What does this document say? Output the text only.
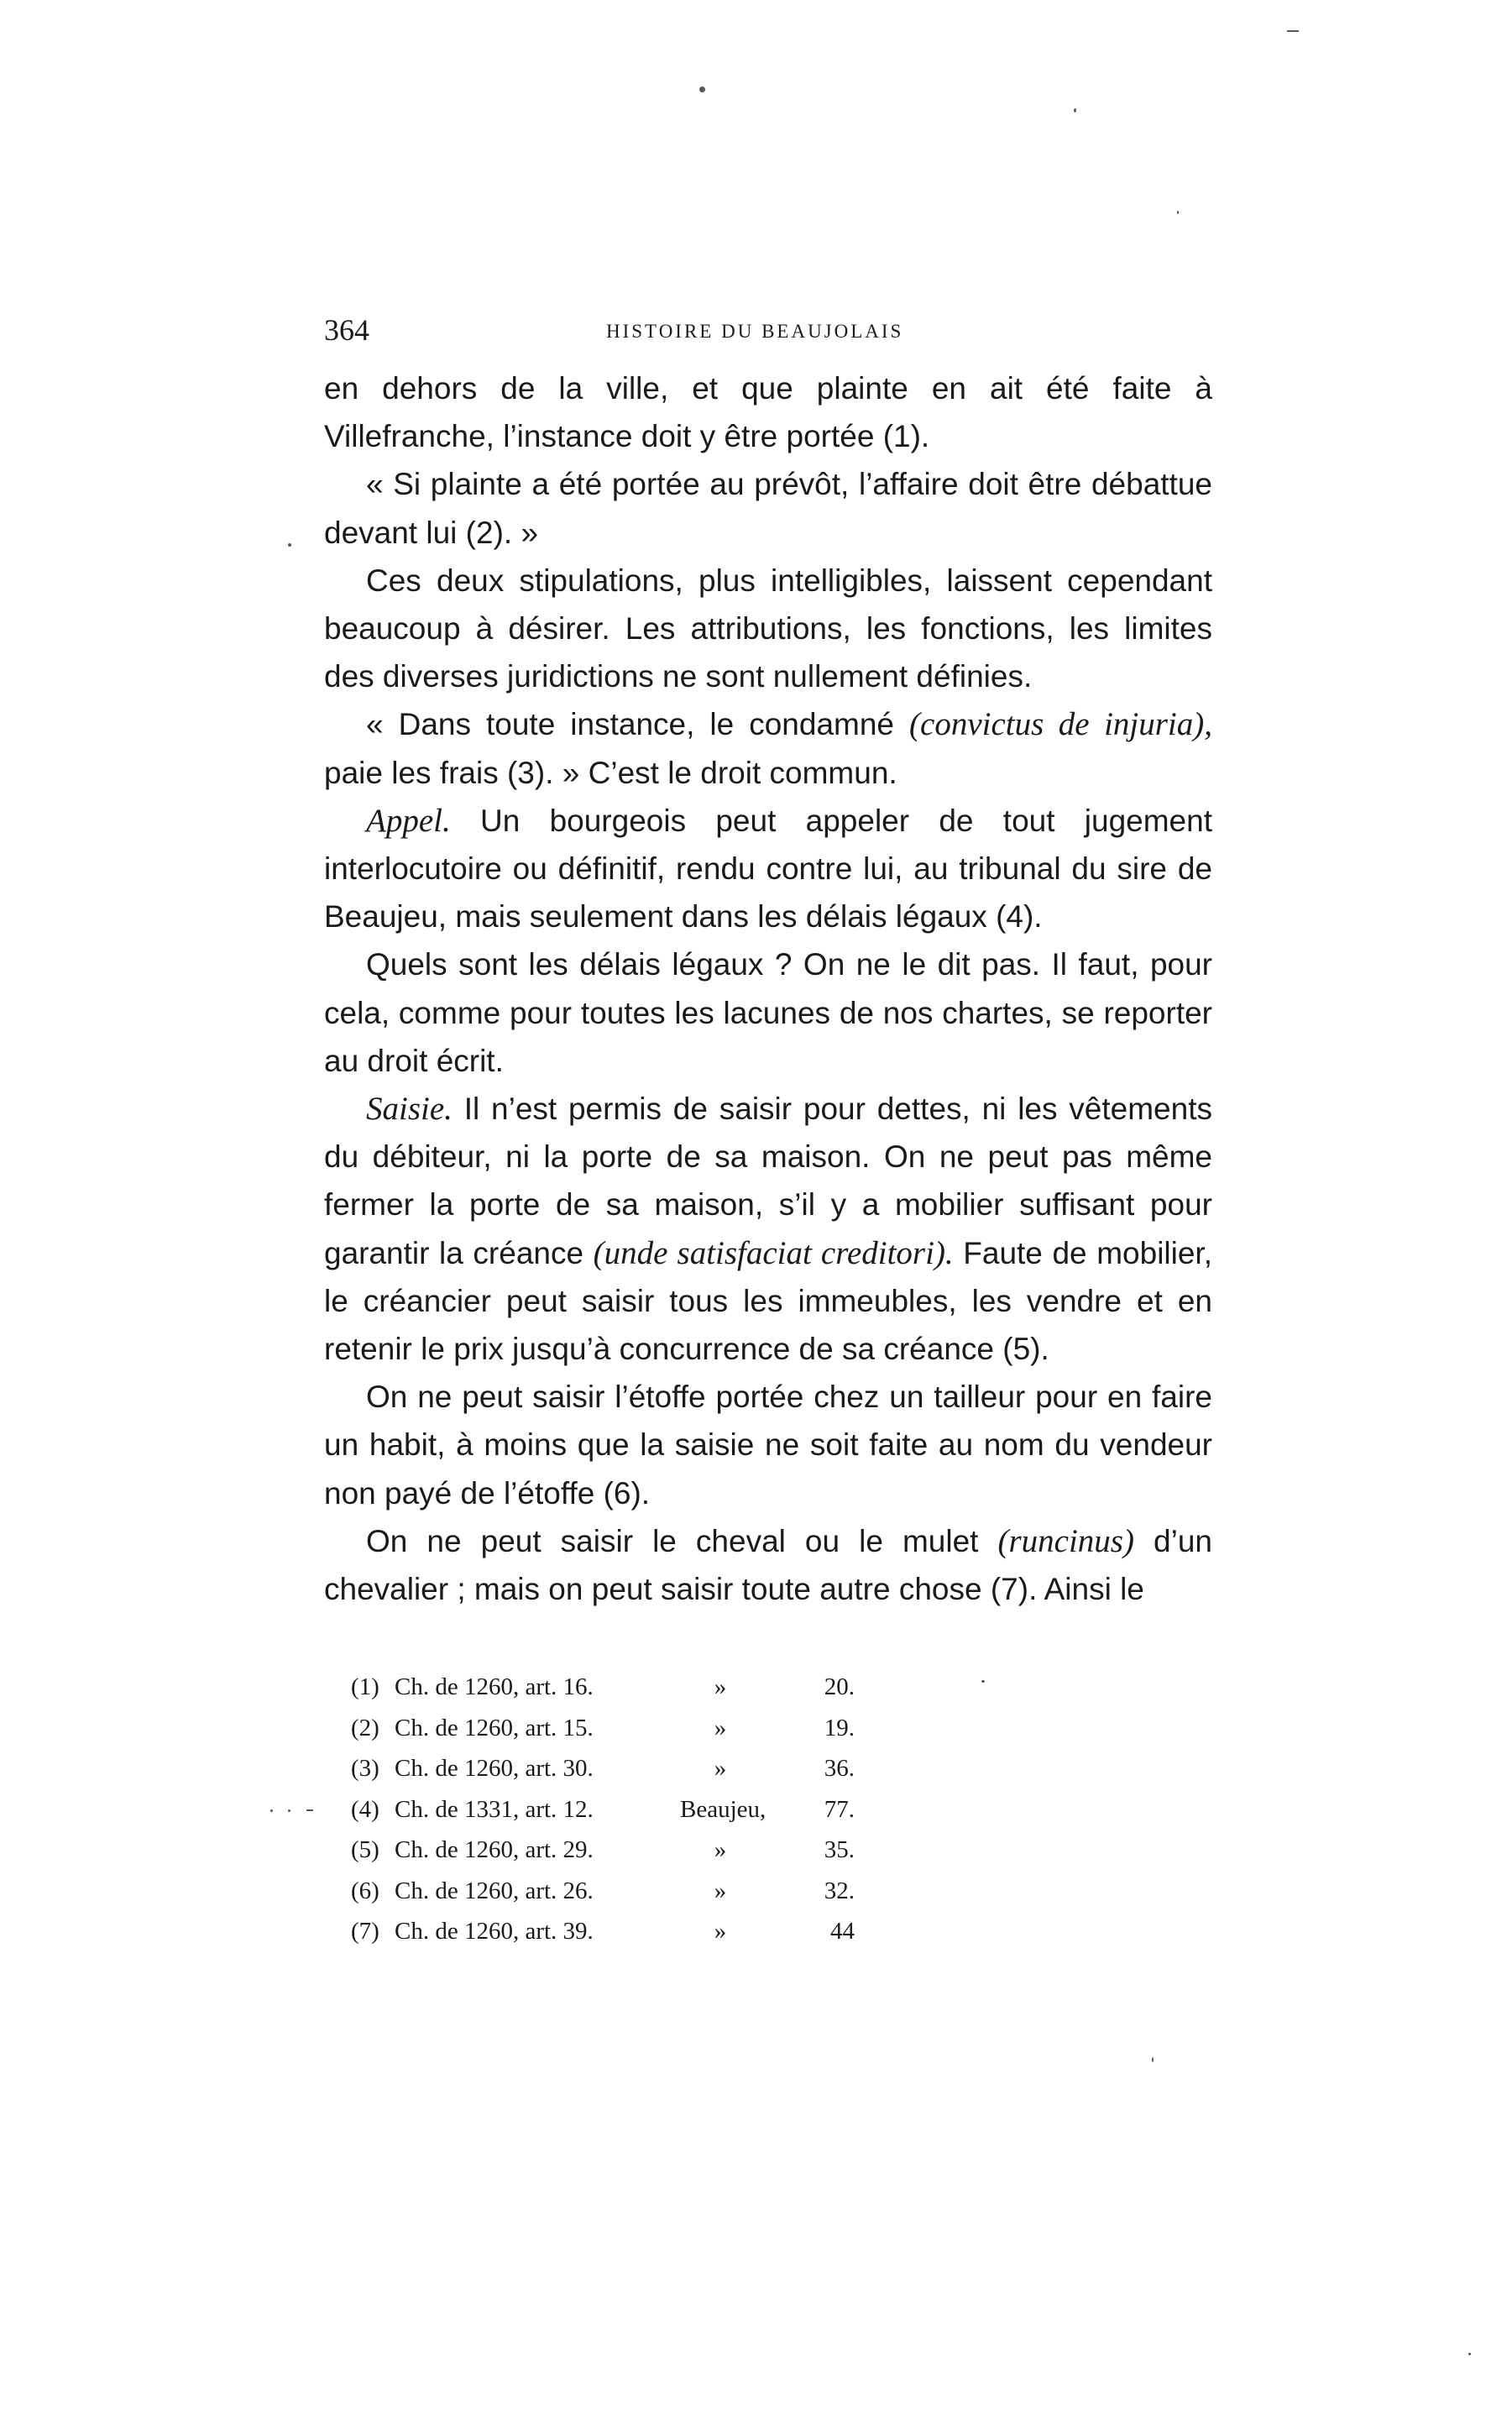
364	HISTOIRE DU BEAUJOLAIS

en dehors de la ville, et que plainte en ait été faite à Villefranche, l’instance doit y être portée (1).

« Si plainte a été portée au prévôt, l’affaire doit être débattue devant lui (2). »

Ces deux stipulations, plus intelligibles, laissent cependant beaucoup à désirer. Les attributions, les fonctions, les limites des diverses juridictions ne sont nullement définies.

« Dans toute instance, le condamné (convictus de injuria), paie les frais (3). » C’est le droit commun.

Appel. Un bourgeois peut appeler de tout jugement interlocutoire ou définitif, rendu contre lui, au tribunal du sire de Beaujeu, mais seulement dans les délais légaux (4).

Quels sont les délais légaux ? On ne le dit pas. Il faut, pour cela, comme pour toutes les lacunes de nos chartes, se reporter au droit écrit.

Saisie. Il n’est permis de saisir pour dettes, ni les vêtements du débiteur, ni la porte de sa maison. On ne peut pas même fermer la porte de sa maison, s’il y a mobilier suffisant pour garantir la créance (unde satisfaciat creditori). Faute de mobilier, le créancier peut saisir tous les immeubles, les vendre et en retenir le prix jusqu’à concurrence de sa créance (5).

On ne peut saisir l’étoffe portée chez un tailleur pour en faire un habit, à moins que la saisie ne soit faite au nom du vendeur non payé de l’étoffe (6).

On ne peut saisir le cheval ou le mulet (runcinus) d’un chevalier ; mais on peut saisir toute autre chose (7). Ainsi le

(1) Ch. de 1260, art. 16.	»	20.
(2) Ch. de 1260, art. 15.	»	19.
(3) Ch. de 1260, art. 30.	»	36.
(4) Ch. de 1331, art. 12.	Beaujeu,	77.
(5) Ch. de 1260, art. 29.	»	35.
(6) Ch. de 1260, art. 26.	»	32.
(7) Ch. de 1260, art. 39.	»	44
